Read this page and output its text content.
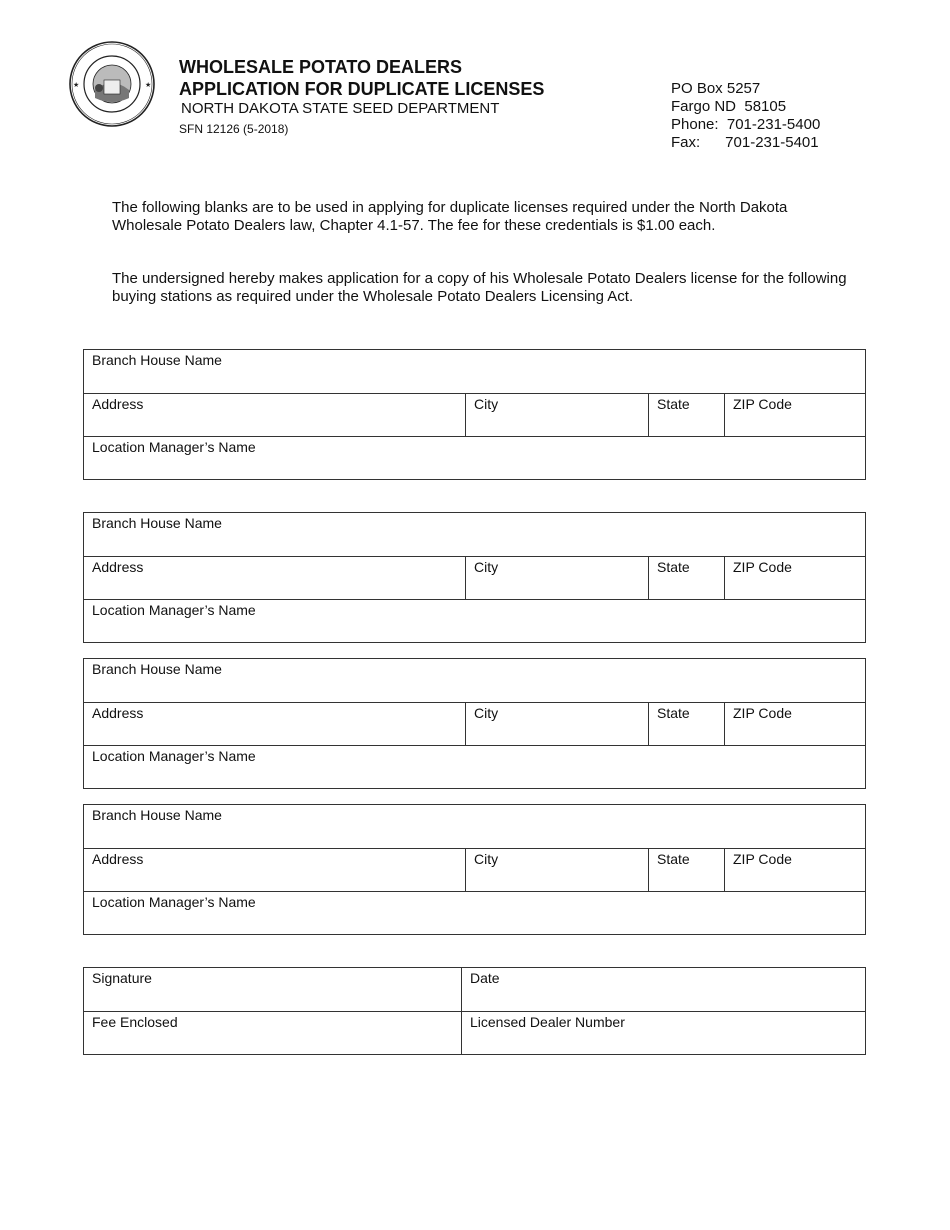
★	★
WHOLESALE POTATO DEALERS
APPLICATION FOR DUPLICATE LICENSES
NORTH DAKOTA STATE SEED DEPARTMENT
SFN 12126 (5-2018)
PO Box 5257
Fargo ND  58105
Phone:  701-231-5400
Fax:      701-231-5401
The following blanks are to be used in applying for duplicate licenses required under the North Dakota Wholesale Potato Dealers law, Chapter 4.1-57. The fee for these credentials is $1.00 each.
The undersigned hereby makes application for a copy of his Wholesale Potato Dealers license for the following buying stations as required under the Wholesale Potato Dealers Licensing Act.
Branch House Name
Address	City	State	ZIP Code
Location Manager’s Name
Branch House Name
Address	City	State	ZIP Code
Location Manager’s Name
Branch House Name
Address	City	State	ZIP Code
Location Manager’s Name
Branch House Name
Address	City	State	ZIP Code
Location Manager’s Name
Signature	Date
Fee Enclosed	Licensed Dealer Number
